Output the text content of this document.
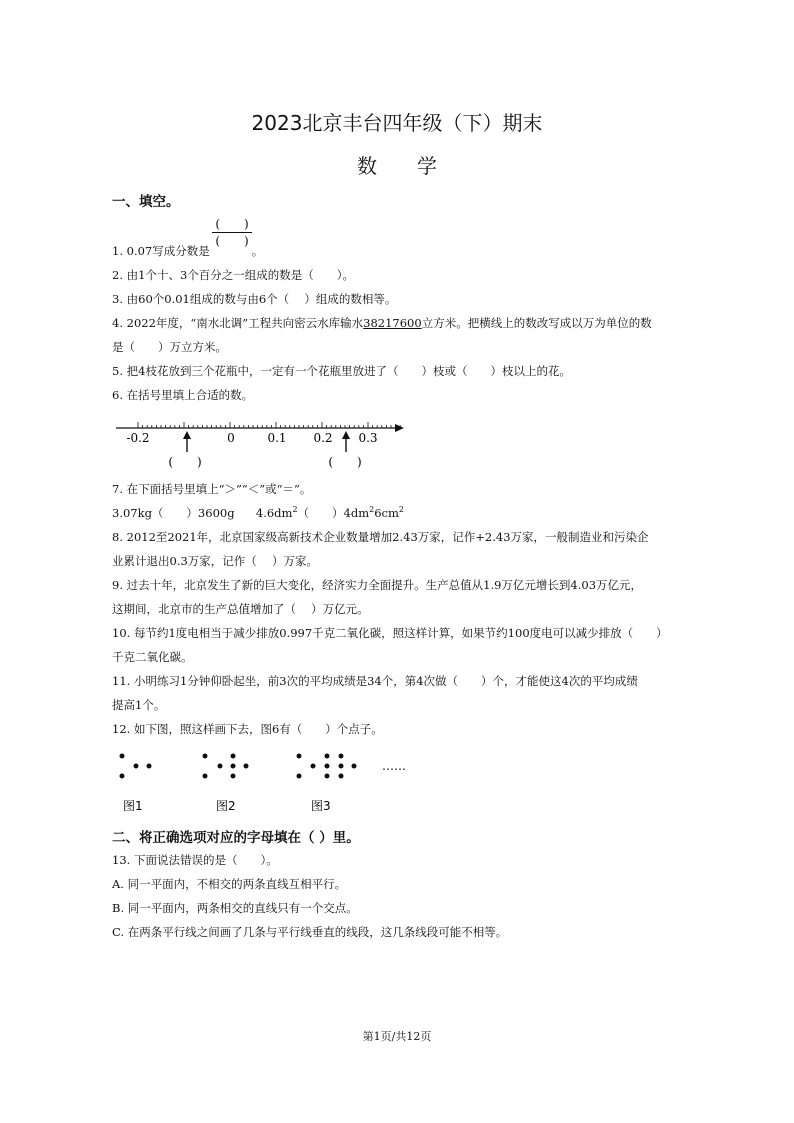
2023北京丰台四年级（下）期末
数学
一、填空。
(　　)
(　　)
1. 0.07写成分数是	。
2. 由1个十、3个百分之一组成的数是（　　）。
3. 由60个0.01组成的数与由6个（　 ）组成的数相等。
4. 2022年度，“南水北调”工程共向密云水库输水38217600立方米。把横线上的数改写成以万为单位的数
是（　　）万立方米。
5. 把4枝花放到三个花瓶中，一定有一个花瓶里放进了（　　）枝或（　　）枝以上的花。
6. 在括号里填上合适的数。
-0.2	0	0.1 0.2 0.3
(　　)	(　　)
7. 在下面括号里填上“＞”“＜”或“＝”。
3.07kg（　　）3600g $4.6dm^2$（　　）$4dm^26cm^2$
8. 2012至2021年，北京国家级高新技术企业数量增加2.43万家，记作+2.43万家，一般制造业和污染企
业累计退出0.3万家，记作（　 ）万家。
9. 过去十年，北京发生了新的巨大变化，经济实力全面提升。生产总值从1.9万亿元增长到4.03万亿元，
这期间，北京市的生产总值增加了（　 ）万亿元。
10. 每节约1度电相当于减少排放0.997千克二氧化碳，照这样计算，如果节约100度电可以减少排放（　　）
千克二氧化碳。
11. 小明练习1分钟仰卧起坐，前3次的平均成绩是34个，第4次做（　　）个，才能使这4次的平均成绩
提高1个。
12. 如下图，照这样画下去，图6有（　　）个点子。
……
图1	图2	图3
二、将正确选项对应的字母填在（ ）里。
13. 下面说法错误的是（　　）。
A. 同一平面内，不相交的两条直线互相平行。
B. 同一平面内，两条相交的直线只有一个交点。
C. 在两条平行线之间画了几条与平行线垂直的线段，这几条线段可能不相等。
第1页/共12页
